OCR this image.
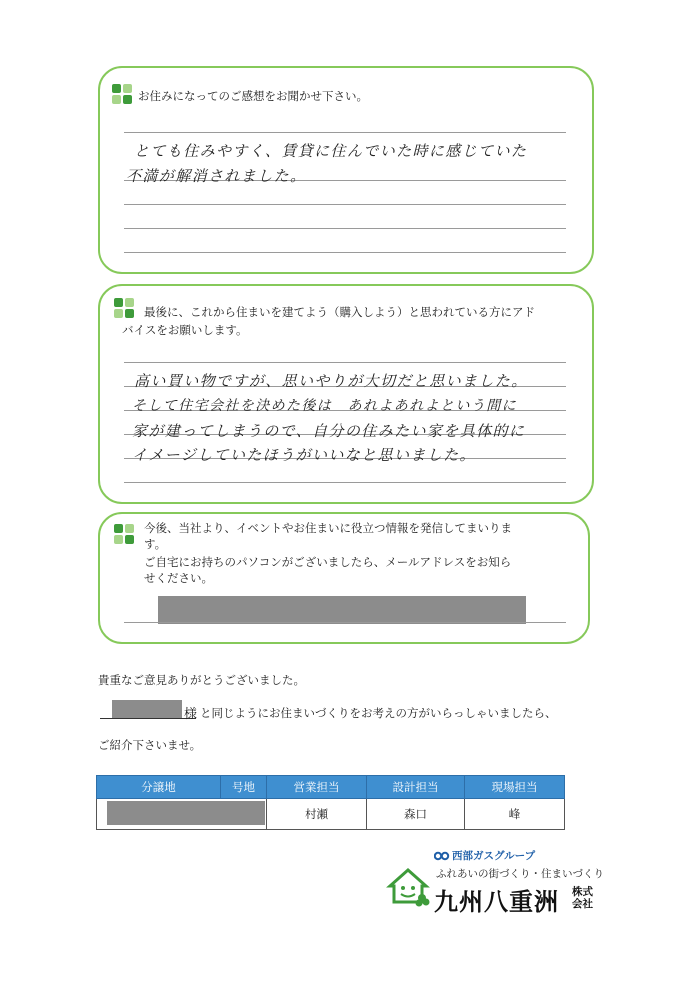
お住みになってのご感想をお聞かせ下さい。
とても住みやすく、賃貸に住んでいた時に感じていた
不満が解消されました。
最後に、これから住まいを建てよう（購入しよう）と思われている方にアド
バイスをお願いします。
高い買い物ですが、思いやりが大切だと思いました。
そして住宅会社を決めた後は　あれよあれよという間に
家が建ってしまうので、自分の住みたい家を具体的に
イメージしていたほうがいいなと思いました。
今後、当社より、イベントやお住まいに役立つ情報を発信してまいりま
す。
ご自宅にお持ちのパソコンがございましたら、メールアドレスをお知ら
せください。
貴重なご意見ありがとうございました。
様 と同じようにお住まいづくりをお考えの方がいらっしゃいましたら、
ご紹介下さいませ。
分譲地	号地	営業担当	設計担当	現場担当

		村瀬	森口	峰
西部ガスグループ
ふれあいの街づくり・住まいづくり
九州八重洲 株式
会社
